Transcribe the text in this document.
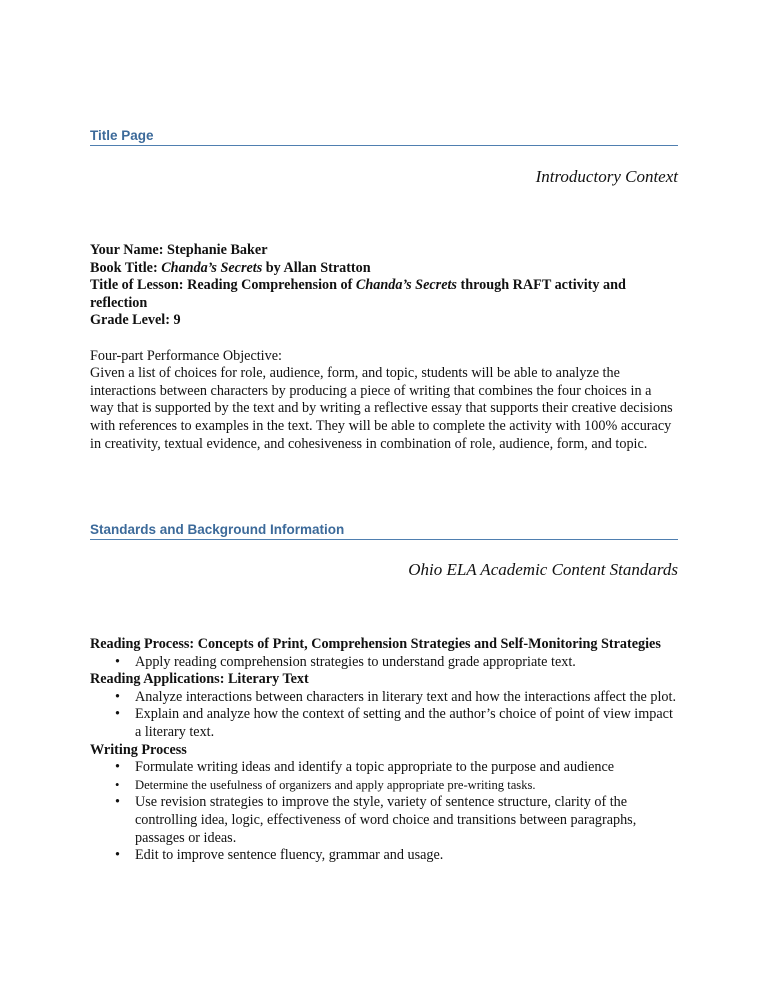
Title Page
Introductory Context

Your Name: Stephanie Baker

Book Title: Chanda’s Secrets by Allan Stratton

Title of Lesson: Reading Comprehension of Chanda’s Secrets through RAFT activity and reflection

Grade Level: 9

Four-part Performance Objective:

Given a list of choices for role, audience, form, and topic, students will be able to analyze the interactions between characters by producing a piece of writing that combines the four choices in a way that is supported by the text and by writing a reflective essay that supports their creative decisions with references to examples in the text. They will be able to complete the activity with 100% accuracy in creativity, textual evidence, and cohesiveness in combination of role, audience, form, and topic.

Standards and Background Information
Ohio ELA Academic Content Standards

Reading Process: Concepts of Print, Comprehension Strategies and Self-Monitoring Strategies

• Apply reading comprehension strategies to understand grade appropriate text.

Reading Applications: Literary Text

• Analyze interactions between characters in literary text and how the interactions affect the plot.
• Explain and analyze how the context of setting and the author’s choice of point of view impact a literary text.

Writing Process

• Formulate writing ideas and identify a topic appropriate to the purpose and audience
• Determine the usefulness of organizers and apply appropriate pre-writing tasks.
• Use revision strategies to improve the style, variety of sentence structure, clarity of the controlling idea, logic, effectiveness of word choice and transitions between paragraphs, passages or ideas.
• Edit to improve sentence fluency, grammar and usage.
